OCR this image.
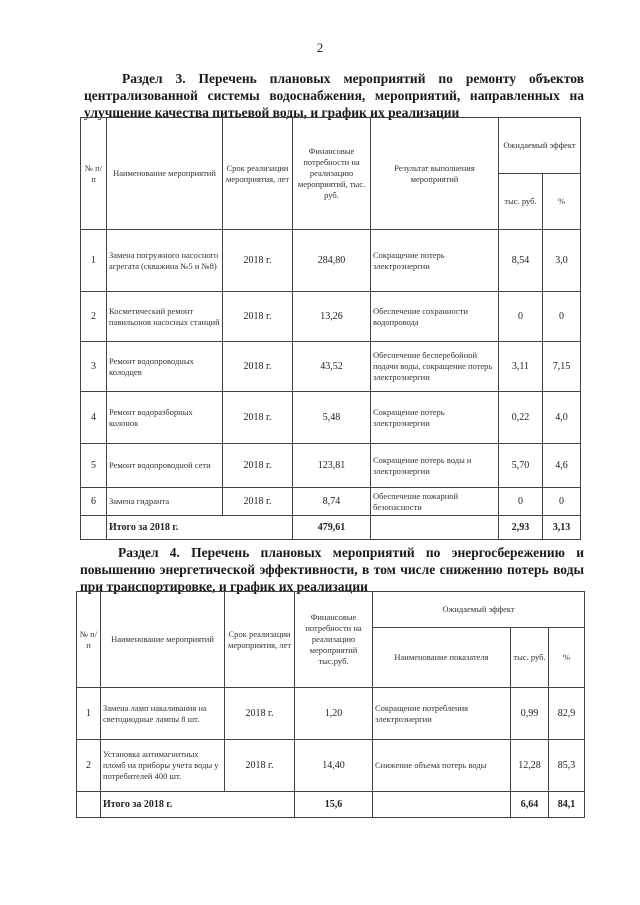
2
Раздел 3. Перечень плановых мероприятий по ремонту объектов централизованной системы водоснабжения, мероприятий, направленных на улучшение качества питьевой воды, и график их реализации
№ п/п	Наименование мероприятий	Срок реализации мероприятия, лет	Финансовые потребности на реализацию мероприятий, тыс. руб.	Результат выполнения мероприятий	Ожидаемый эффект	
					тыс. руб.	%
1	Замена погружного насосного агрегата (скважина №5 и №8)	2018 г.	284,80	Сокращение потерь электроэнергии	8,54	3,0
2	Косметический ремонт павильонов насосных станций	2018 г.	13,26	Обеспечение сохранности водопровода	0	0
3	Ремонт водопроводных колодцев	2018 г.	43,52	Обеспечение бесперебойной подачи воды, сокращение потерь электроэнергии	3,11	7,15
4	Ремонт водоразборных колонок	2018 г.	5,48	Сокращение потерь электроэнергии	0,22	4,0
5	Ремонт водопроводной сети	2018 г.	123,81	Сокращение потерь воды и электроэнергии	5,70	4,6
6	Замена гидранта	2018 г.	8,74	Обеспечение пожарной безопасности	0	0
	Итого за 2018 г.		479,61		2,93	3,13
Раздел 4. Перечень плановых мероприятий по энергосбережению и повышению энергетической эффективности, в том числе снижению потерь воды при транспортировке, и график их реализации
№ п/п	Наименование мероприятий	Срок реализации мероприятия, лет	Финансовые потребности на реализацию мероприятий тыс.руб.	Ожидаемый эффект		
				Наименование показателя	тыс. руб.	%
1	Замена ламп накаливания на светодиодные лампы 8 шт.	2018 г.	1,20	Сокращение потребления электроэнергии	0,99	82,9
2	Установка антимагнитных пломб на приборы учета воды у потребителей 400 шт.	2018 г.	14,40	Снижение объема потерь воды	12,28	85,3
	Итого за 2018 г.		15,6		6,64	84,1
